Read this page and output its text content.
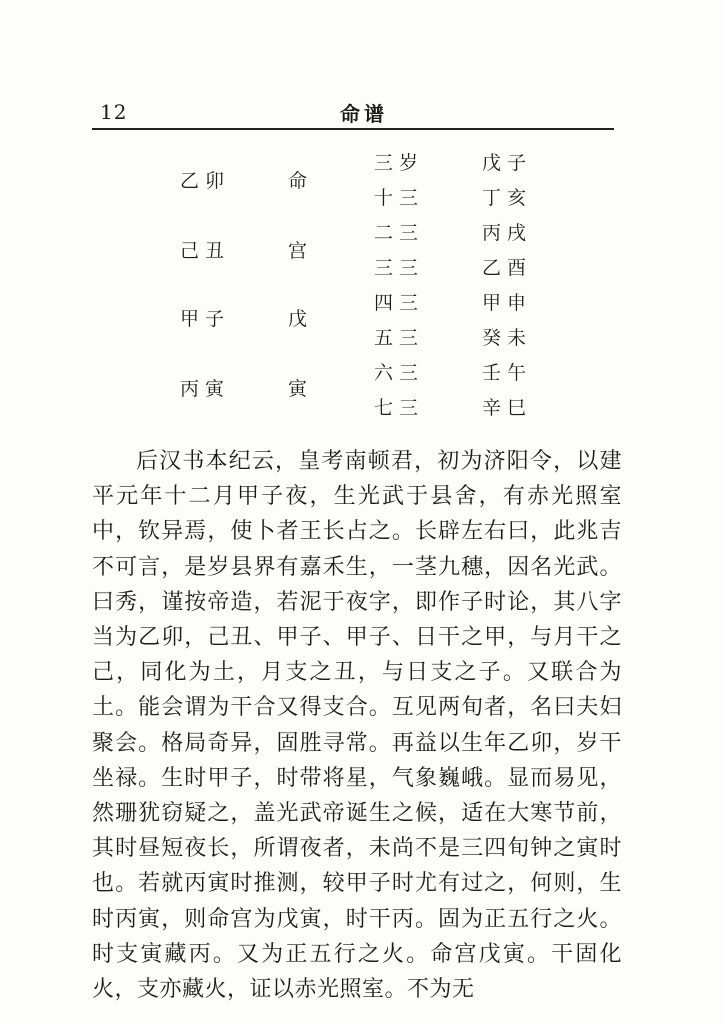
12	命谱
乙卯
己丑
甲子
丙寅
命
宫
戊
寅
三岁
十三
二三
三三
四三
五三
六三
七三
戊子
丁亥
丙戌
乙酉
甲申
癸未
壬午
辛巳

后汉书本纪云，皇考南顿君，初为济阳令，以建平元年十二月甲子夜，生光武于县舍，有赤光照室中，钦异焉，使卜者王长占之。长辟左右曰，此兆吉不可言，是岁县界有嘉禾生，一茎九穗，因名光武。曰秀，谨按帝造，若泥于夜字，即作子时论，其八字当为乙卯，己丑、甲子、甲子、日干之甲，与月干之己，同化为土，月支之丑，与日支之子。又联合为土。能会谓为干合又得支合。互见两旬者，名曰夫妇聚会。格局奇异，固胜寻常。再益以生年乙卯，岁干坐禄。生时甲子，时带将星，气象巍峨。显而易见，然珊犹窃疑之，盖光武帝诞生之候，适在大寒节前，其时昼短夜长，所谓夜者，未尚不是三四旬钟之寅时也。若就丙寅时推测，较甲子时尤有过之，何则，生时丙寅，则命宫为戊寅，时干丙。固为正五行之火。时支寅藏丙。又为正五行之火。命宫戊寅。干固化火，支亦藏火，证以赤光照室。不为无
